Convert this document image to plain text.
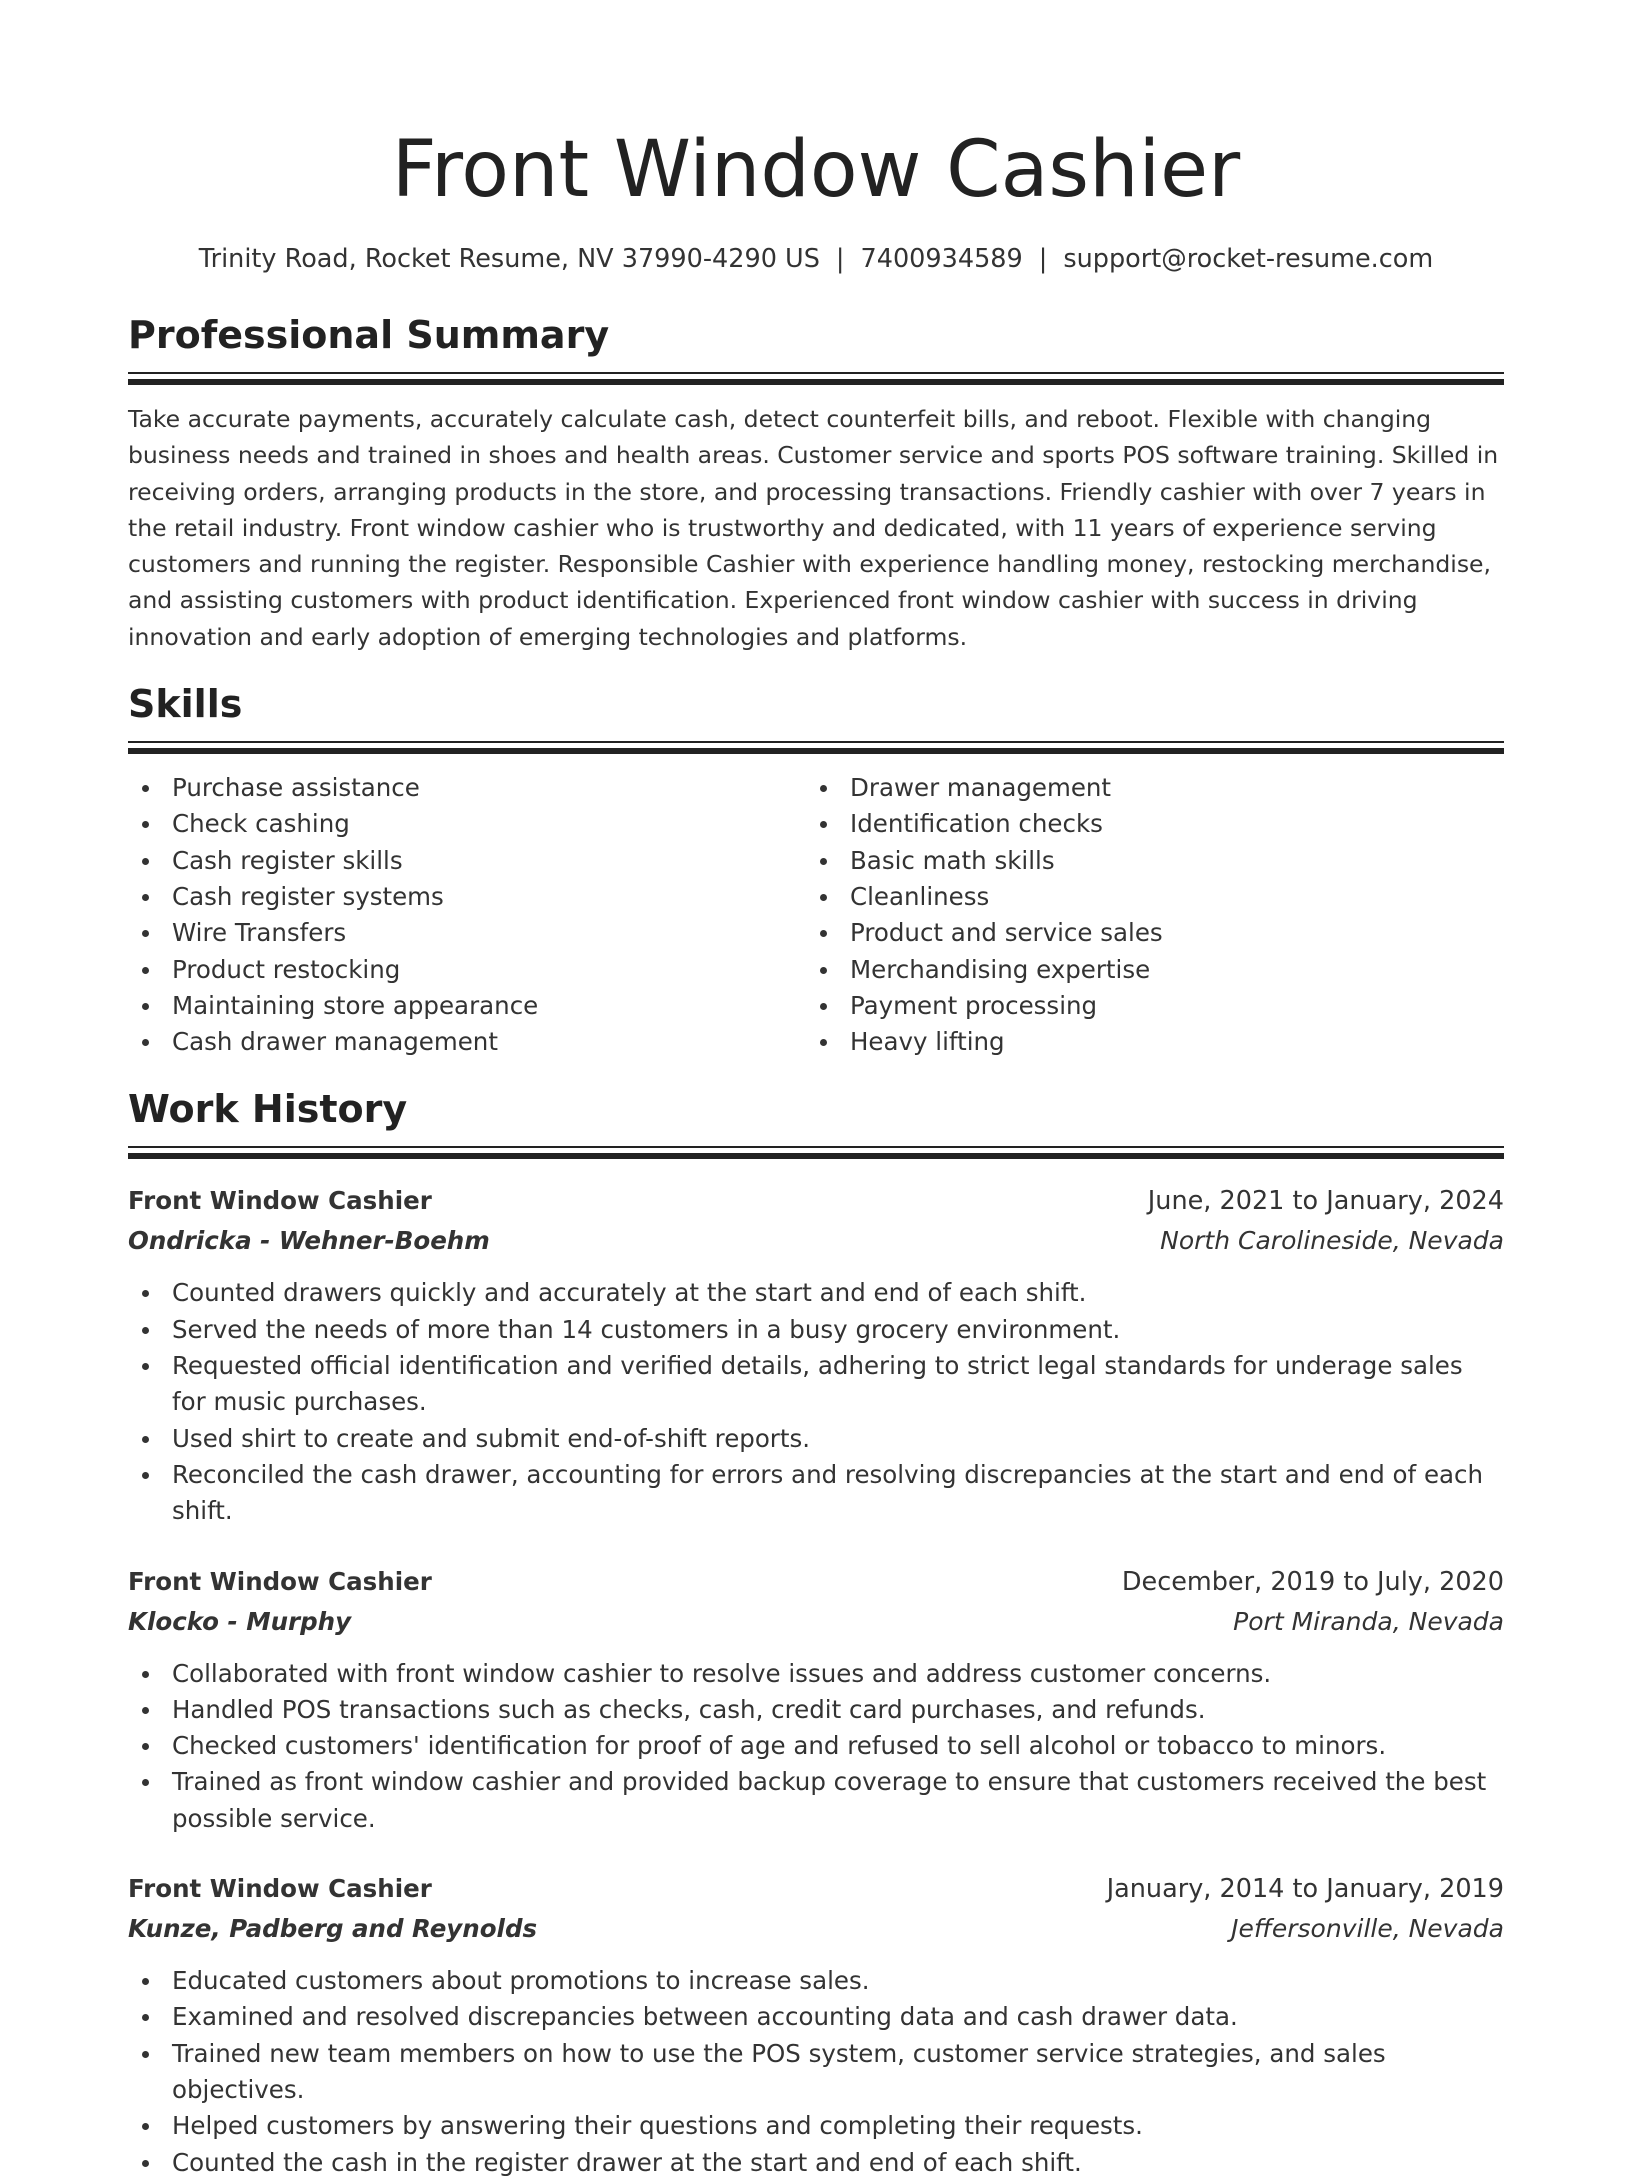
Front Window Cashier
Trinity Road, Rocket Resume, NV 37990-4290 US | 7400934589 | support@rocket-resume.com
Professional Summary
Take accurate payments, accurately calculate cash, detect counterfeit bills, and reboot. Flexible with changing business needs and trained in shoes and health areas. Customer service and sports POS software training. Skilled in receiving orders, arranging products in the store, and processing transactions. Friendly cashier with over 7 years in the retail industry. Front window cashier who is trustworthy and dedicated, with 11 years of experience serving customers and running the register. Responsible Cashier with experience handling money, restocking merchandise, and assisting customers with product identification. Experienced front window cashier with success in driving innovation and early adoption of emerging technologies and platforms.
Skills
Purchase assistance
Check cashing
Cash register skills
Cash register systems
Wire Transfers
Product restocking
Maintaining store appearance
Cash drawer management
Drawer management
Identification checks
Basic math skills
Cleanliness
Product and service sales
Merchandising expertise
Payment processing
Heavy lifting
Work History
Front Window Cashier	June, 2021 to January, 2024
Ondricka - Wehner-Boehm	North Carolineside, Nevada
Counted drawers quickly and accurately at the start and end of each shift.
Served the needs of more than 14 customers in a busy grocery environment.
Requested official identification and verified details, adhering to strict legal standards for underage sales for music purchases.
Used shirt to create and submit end-of-shift reports.
Reconciled the cash drawer, accounting for errors and resolving discrepancies at the start and end of each shift.
Front Window Cashier	December, 2019 to July, 2020
Klocko - Murphy	Port Miranda, Nevada
Collaborated with front window cashier to resolve issues and address customer concerns.
Handled POS transactions such as checks, cash, credit card purchases, and refunds.
Checked customers' identification for proof of age and refused to sell alcohol or tobacco to minors.
Trained as front window cashier and provided backup coverage to ensure that customers received the best possible service.
Front Window Cashier	January, 2014 to January, 2019
Kunze, Padberg and Reynolds	Jeffersonville, Nevada
Educated customers about promotions to increase sales.
Examined and resolved discrepancies between accounting data and cash drawer data.
Trained new team members on how to use the POS system, customer service strategies, and sales objectives.
Helped customers by answering their questions and completing their requests.
Counted the cash in the register drawer at the start and end of each shift.
